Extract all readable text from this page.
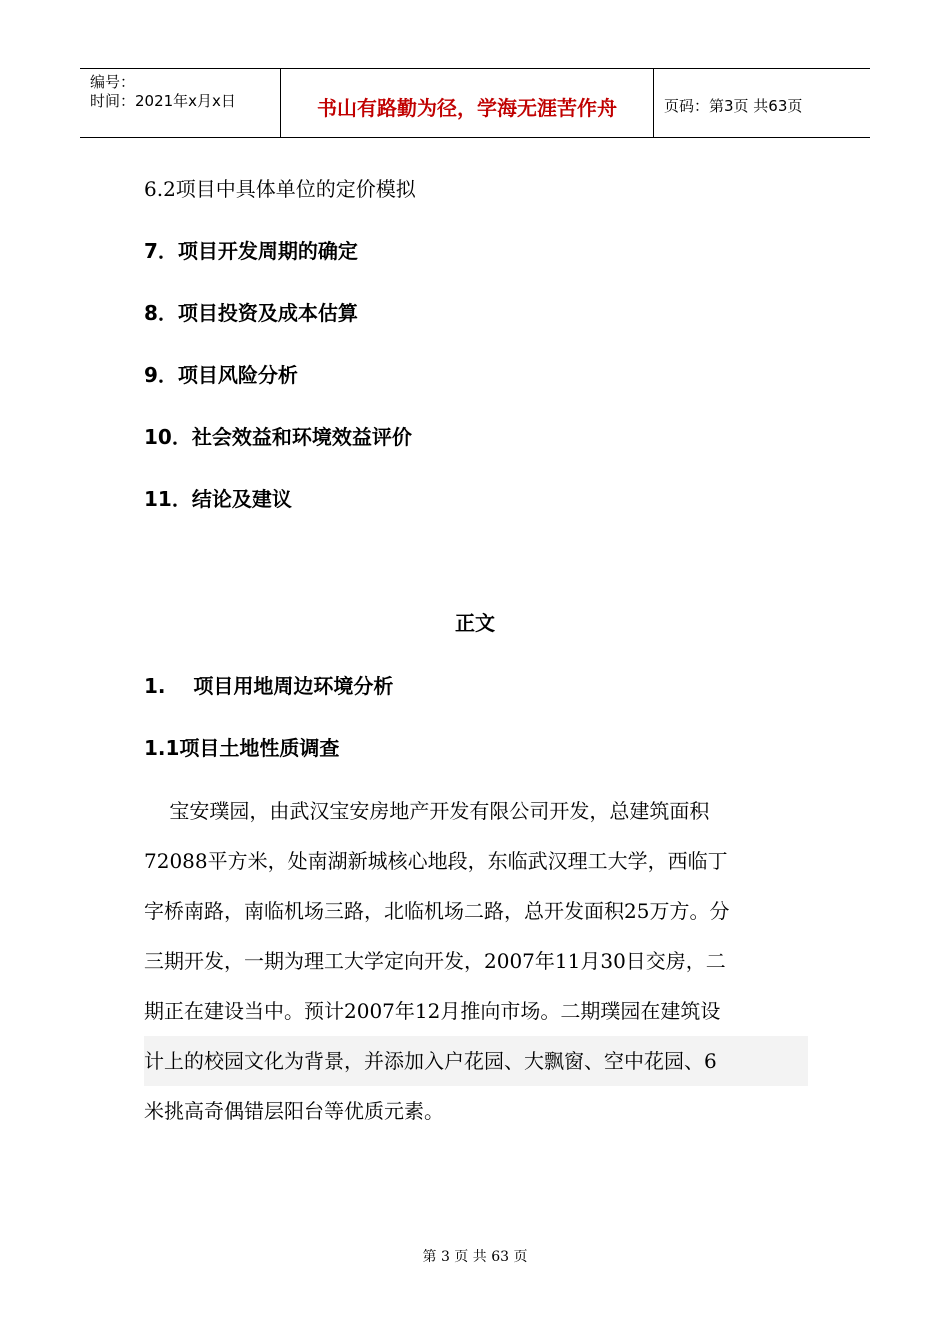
编号：
时间：2021年x月x日	书山有路勤为径，学海无涯苦作舟	页码：第3页 共63页
6.2项目中具体单位的定价模拟
7．项目开发周期的确定
8．项目投资及成本估算
9．项目风险分析
10．社会效益和环境效益评价
11．结论及建议
正文
1.    项目用地周边环境分析
1.1项目土地性质调查
宝安璞园，由武汉宝安房地产开发有限公司开发，总建筑面积
72088平方米，处南湖新城核心地段，东临武汉理工大学，西临丁
字桥南路，南临机场三路，北临机场二路，总开发面积25万方。分
三期开发，一期为理工大学定向开发，2007年11月30日交房，二
期正在建设当中。预计2007年12月推向市场。二期璞园在建筑设
计上的校园文化为背景，并添加入户花园、大飘窗、空中花园、6
米挑高奇偶错层阳台等优质元素。
第 3 页 共 63 页
